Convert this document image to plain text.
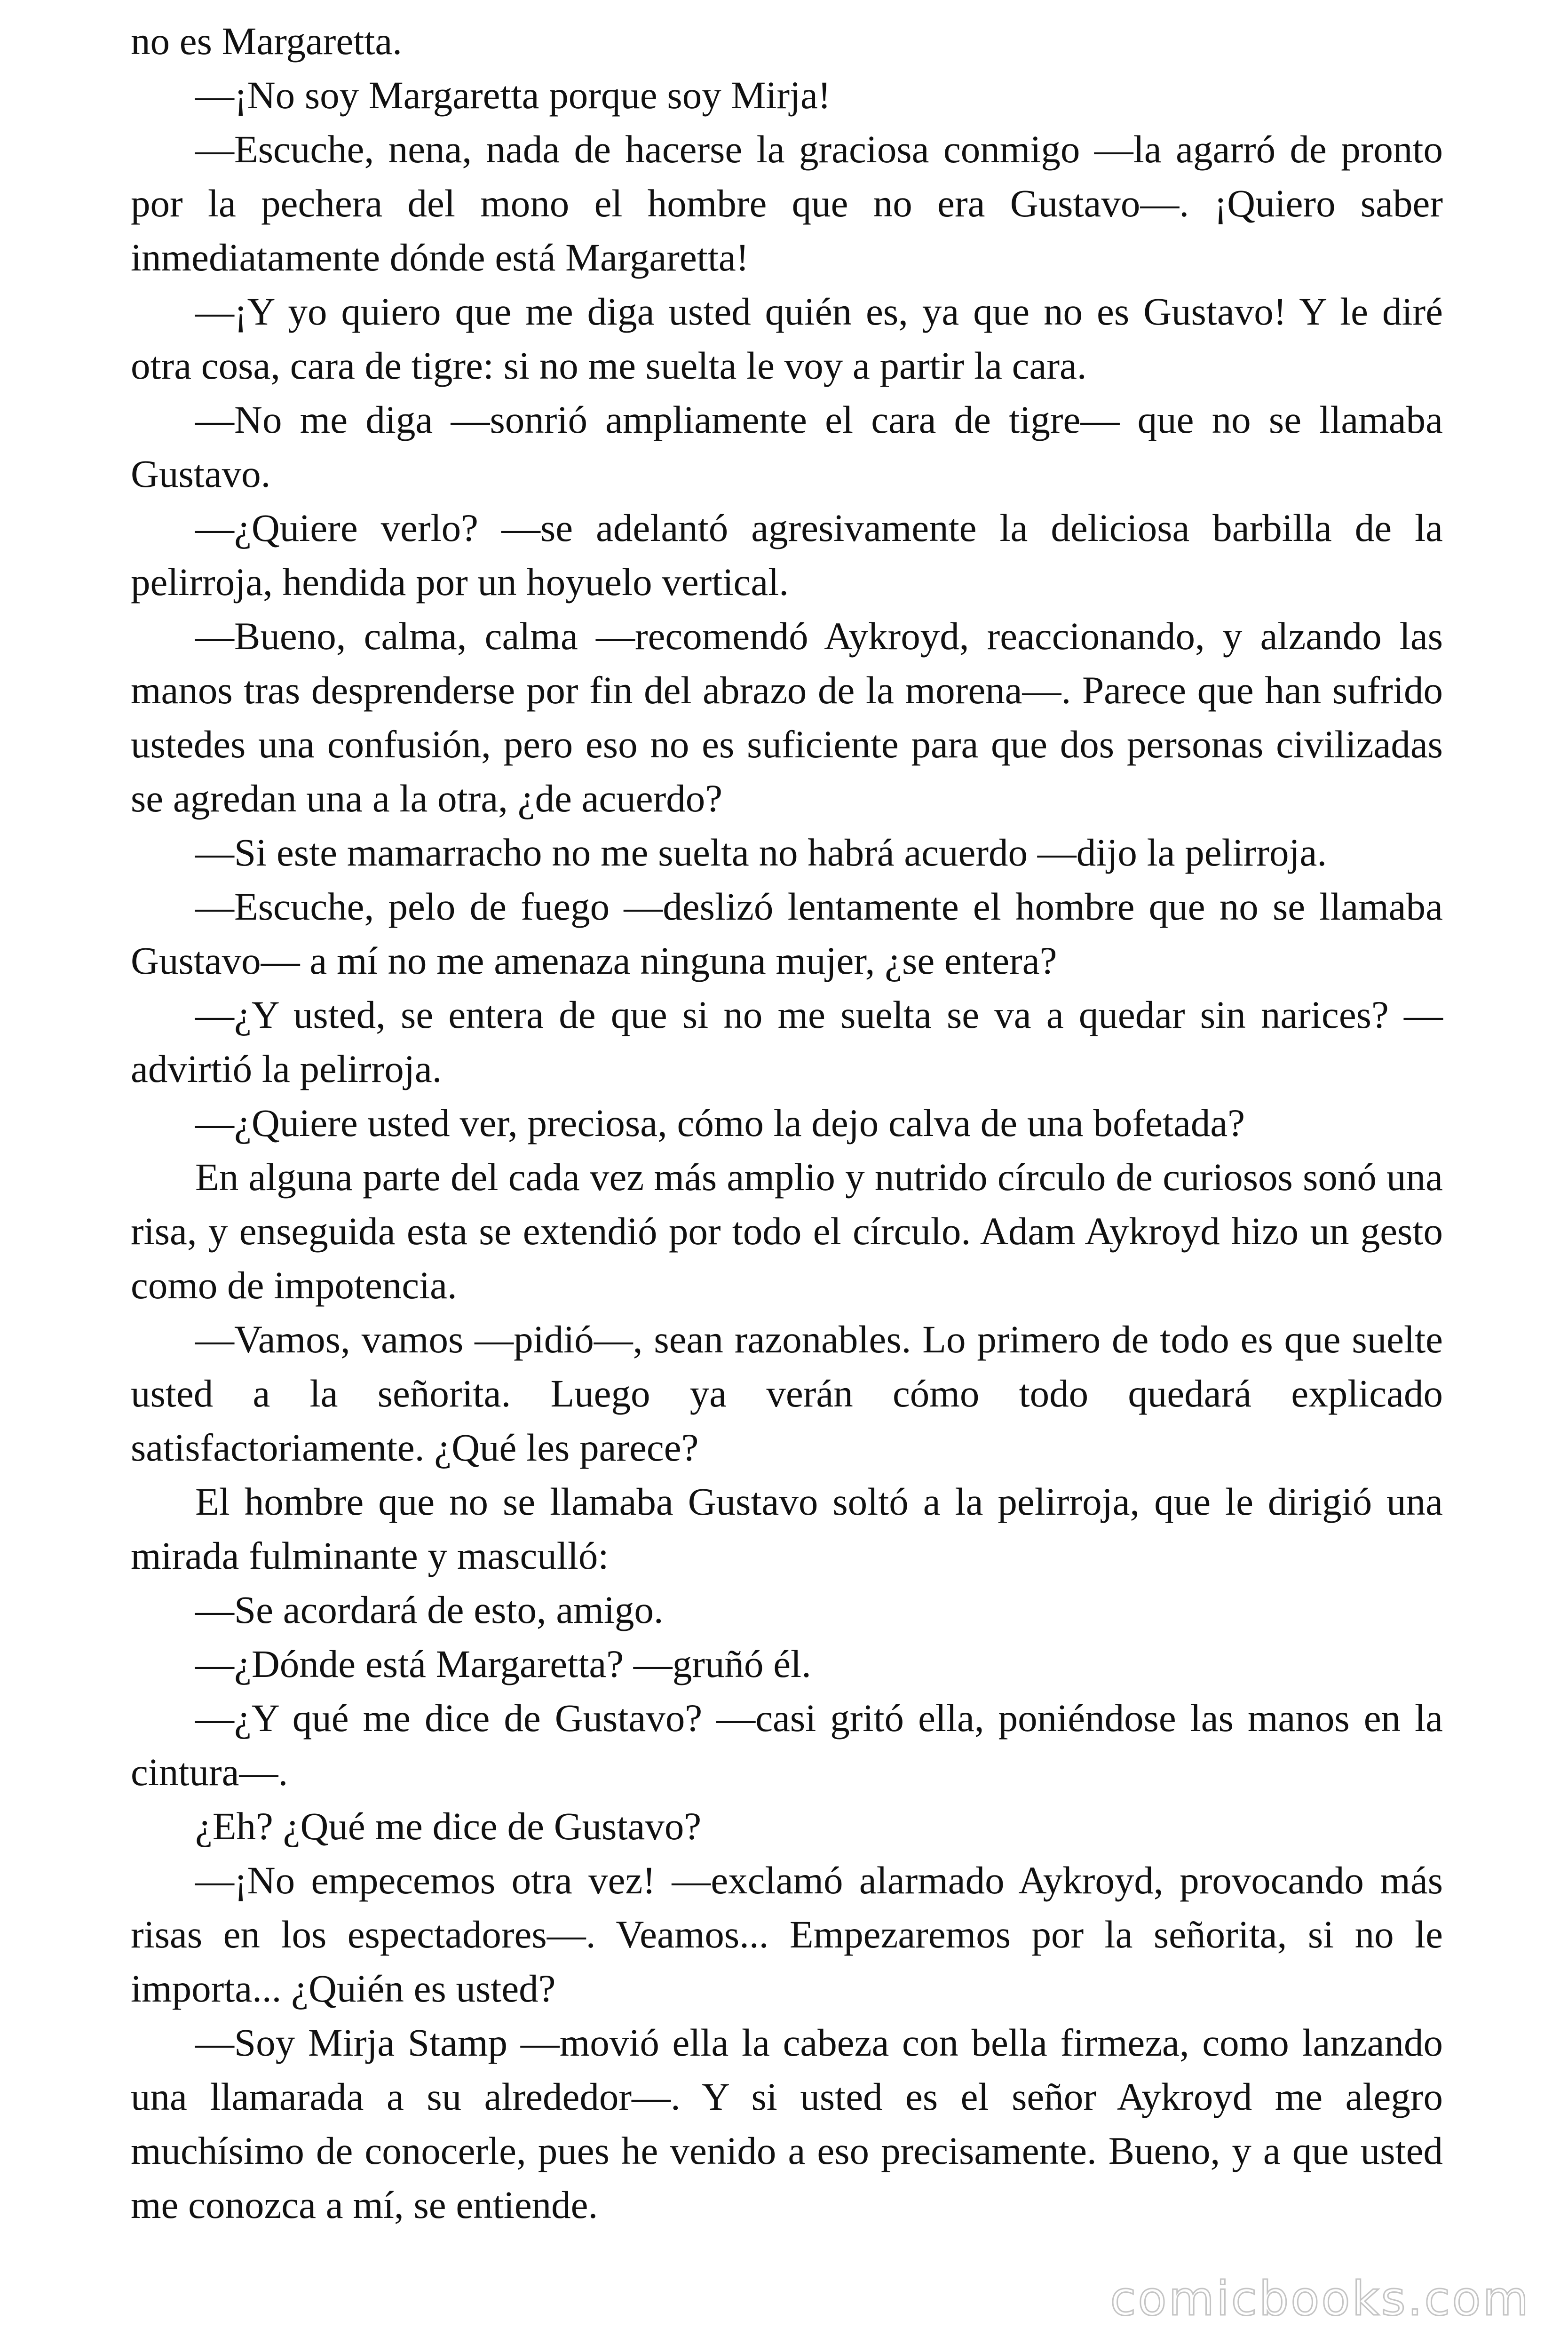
no es Margaretta.

—¡No soy Margaretta porque soy Mirja!

—Escuche, nena, nada de hacerse la graciosa conmigo —la agarró de pronto por la pechera del mono el hombre que no era Gustavo—. ¡Quiero saber inmediatamente dónde está Margaretta!

—¡Y yo quiero que me diga usted quién es, ya que no es Gustavo! Y le diré otra cosa, cara de tigre: si no me suelta le voy a partir la cara.

—No me diga —sonrió ampliamente el cara de tigre— que no se llamaba Gustavo.

—¿Quiere verlo? —se adelantó agresivamente la deliciosa barbilla de la pelirroja, hendida por un hoyuelo vertical.

—Bueno, calma, calma —recomendó Aykroyd, reaccionando, y alzando las manos tras desprenderse por fin del abrazo de la morena—. Parece que han sufrido ustedes una confusión, pero eso no es suficiente para que dos personas civilizadas se agredan una a la otra, ¿de acuerdo?

—Si este mamarracho no me suelta no habrá acuerdo —dijo la pelirroja.

—Escuche, pelo de fuego —deslizó lentamente el hombre que no se llamaba Gustavo— a mí no me amenaza ninguna mujer, ¿se entera?

—¿Y usted, se entera de que si no me suelta se va a quedar sin narices? —advirtió la pelirroja.

—¿Quiere usted ver, preciosa, cómo la dejo calva de una bofetada?

En alguna parte del cada vez más amplio y nutrido círculo de curiosos sonó una risa, y enseguida esta se extendió por todo el círculo. Adam Aykroyd hizo un gesto como de impotencia.

—Vamos, vamos —pidió—, sean razonables. Lo primero de todo es que suelte usted a la señorita. Luego ya verán cómo todo quedará explicado satisfactoriamente. ¿Qué les parece?

El hombre que no se llamaba Gustavo soltó a la pelirroja, que le dirigió una mirada fulminante y masculló:

—Se acordará de esto, amigo.

—¿Dónde está Margaretta? —gruñó él.

—¿Y qué me dice de Gustavo? —casi gritó ella, poniéndose las manos en la cintura—.

¿Eh? ¿Qué me dice de Gustavo?

—¡No empecemos otra vez! —exclamó alarmado Aykroyd, provocando más risas en los espectadores—. Veamos... Empezaremos por la señorita, si no le importa... ¿Quién es usted?

—Soy Mirja Stamp —movió ella la cabeza con bella firmeza, como lanzando una llamarada a su alrededor—. Y si usted es el señor Aykroyd me alegro muchísimo de conocerle, pues he venido a eso precisamente. Bueno, y a que usted me conozca a mí, se entiende.

comicbooks.com
